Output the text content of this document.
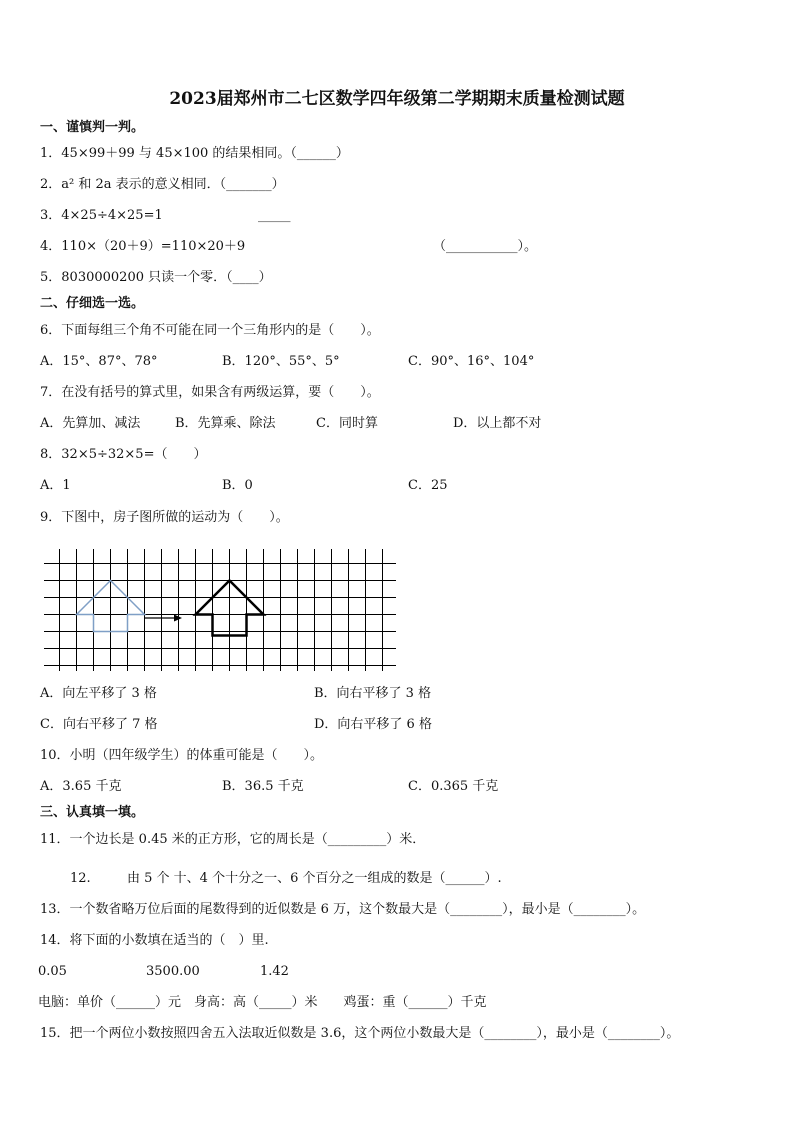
2023届郑州市二七区数学四年级第二学期期末质量检测试题
一、谨慎判一判。
1．45×99＋99 与 45×100 的结果相同。（______）
2．a² 和 2a 表示的意义相同．（_______）
3．4×25÷4×25=1	_____
4．110×（20＋9）=110×20＋9	（___________）。
5．8030000200 只读一个零．（____）
二、仔细选一选。
6．下面每组三个角不可能在同一个三角形内的是（　　）。
A．15°、87°、78°	B．120°、55°、5°	C．90°、16°、104°
7．在没有括号的算式里，如果含有两级运算，要（　　）。
A．先算加、减法	B．先算乘、除法	C．同时算	D．以上都不对
8．32×5÷32×5=（　　）
A．1	B．0	C．25
9．下图中，房子图所做的运动为（　　）。
A．向左平移了 3 格	B．向右平移了 3 格
C．向右平移了 7 格	D．向右平移了 6 格
10．小明（四年级学生）的体重可能是（　　）。
A．3.65 千克	B．36.5 千克	C．0.365 千克
三、认真填一填。
11．一个边长是 0.45 米的正方形，它的周长是（_________）米．
12.	由 5 个 十、4 个十分之一、6 个百分之一组成的数是（______）.
13．一个数省略万位后面的尾数得到的近似数是 6 万，这个数最大是（________），最小是（________）。
14．将下面的小数填在适当的（　）里.
0.05	3500.00	1.42
电脑：单价（______）元　身高：高（_____）米　　鸡蛋：重（______）千克
15．把一个两位小数按照四舍五入法取近似数是 3.6，这个两位小数最大是（________），最小是（________）。
